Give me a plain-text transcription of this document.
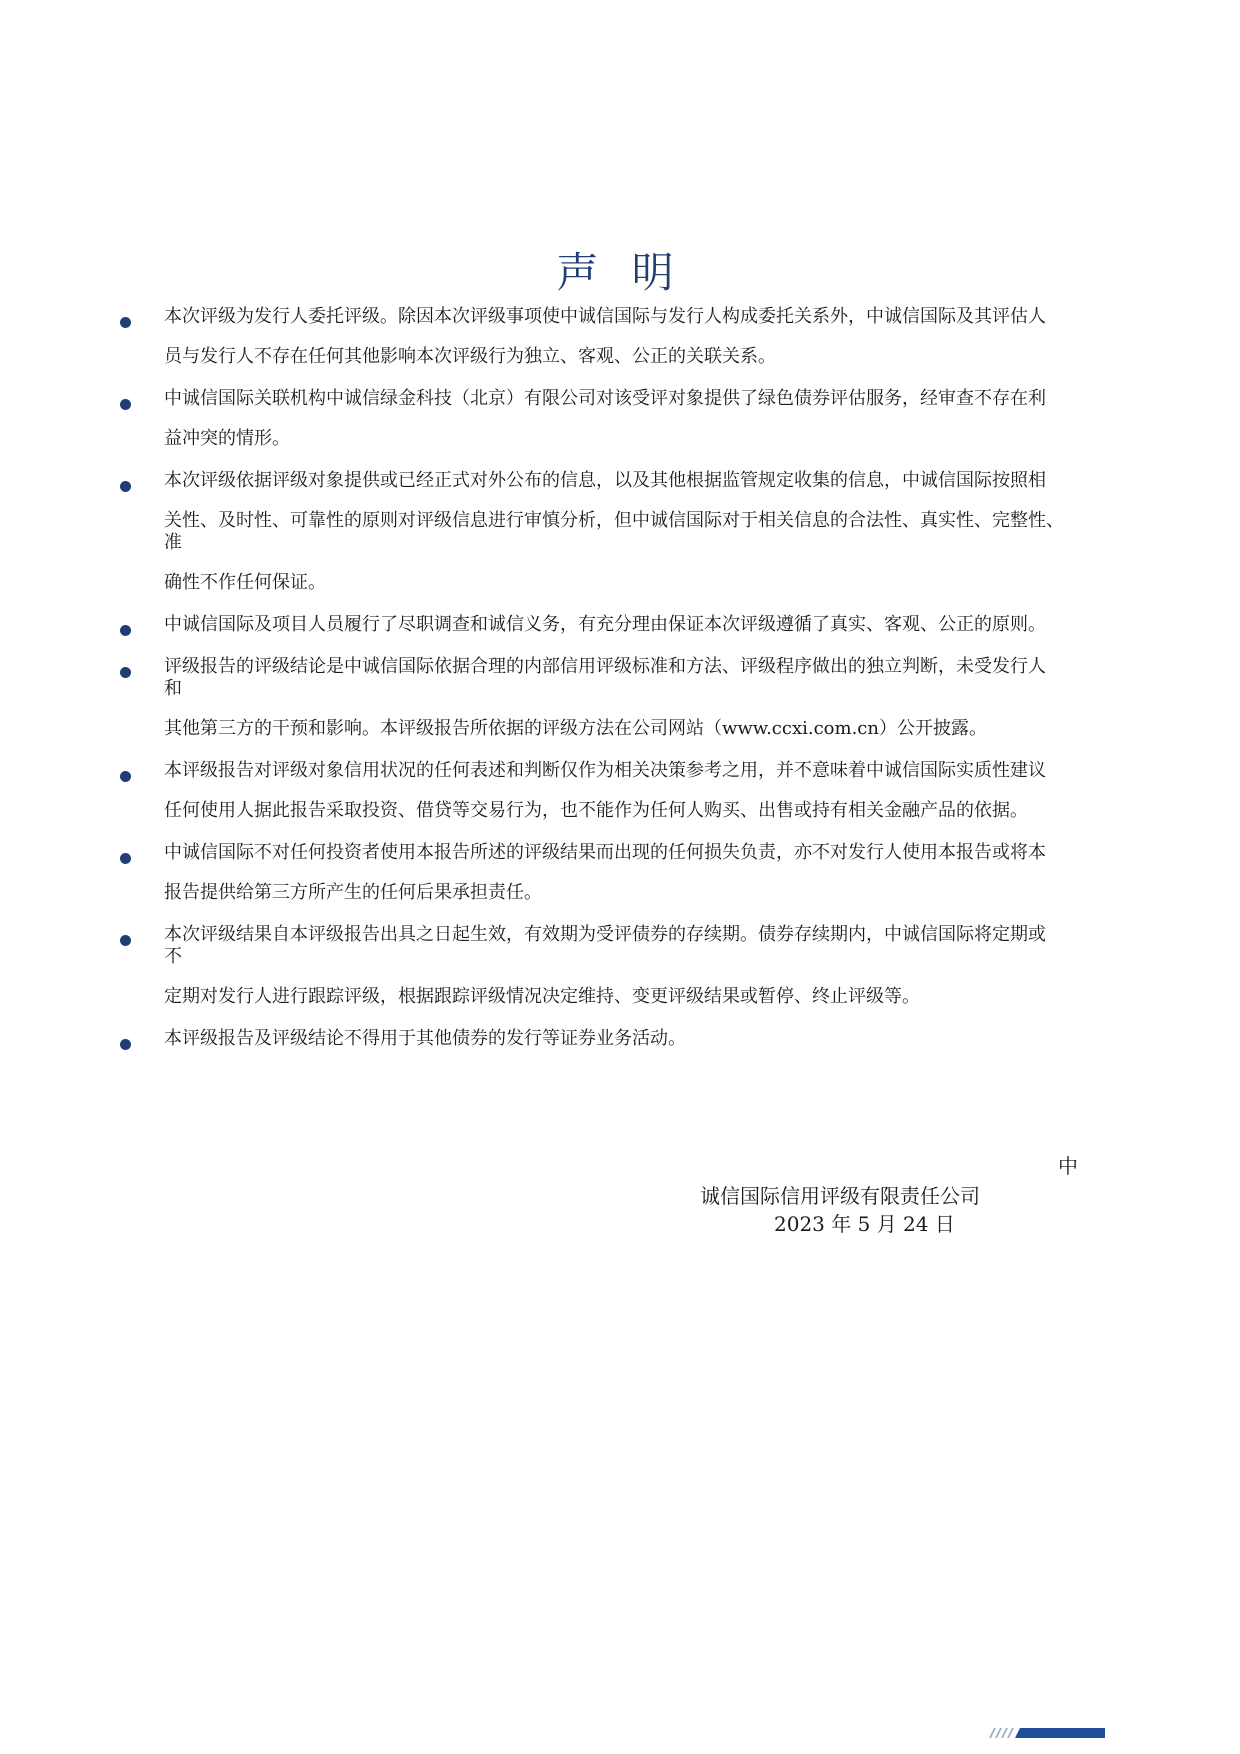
声 明
本次评级为发行人委托评级。除因本次评级事项使中诚信国际与发行人构成委托关系外，中诚信国际及其评估人
员与发行人不存在任何其他影响本次评级行为独立、客观、公正的关联关系。
中诚信国际关联机构中诚信绿金科技（北京）有限公司对该受评对象提供了绿色债券评估服务，经审查不存在利
益冲突的情形。
本次评级依据评级对象提供或已经正式对外公布的信息，以及其他根据监管规定收集的信息，中诚信国际按照相
关性、及时性、可靠性的原则对评级信息进行审慎分析，但中诚信国际对于相关信息的合法性、真实性、完整性、
准
确性不作任何保证。
中诚信国际及项目人员履行了尽职调查和诚信义务，有充分理由保证本次评级遵循了真实、客观、公正的原则。
评级报告的评级结论是中诚信国际依据合理的内部信用评级标准和方法、评级程序做出的独立判断，未受发行人
和
其他第三方的干预和影响。本评级报告所依据的评级方法在公司网站（www.ccxi.com.cn）公开披露。
本评级报告对评级对象信用状况的任何表述和判断仅作为相关决策参考之用，并不意味着中诚信国际实质性建议
任何使用人据此报告采取投资、借贷等交易行为，也不能作为任何人购买、出售或持有相关金融产品的依据。
中诚信国际不对任何投资者使用本报告所述的评级结果而出现的任何损失负责，亦不对发行人使用本报告或将本
报告提供给第三方所产生的任何后果承担责任。
本次评级结果自本评级报告出具之日起生效，有效期为受评债券的存续期。债券存续期内，中诚信国际将定期或
不
定期对发行人进行跟踪评级，根据跟踪评级情况决定维持、变更评级结果或暂停、终止评级等。
本评级报告及评级结论不得用于其他债券的发行等证券业务活动。
中
诚信国际信用评级有限责任公司
2023 年 5 月 24 日
